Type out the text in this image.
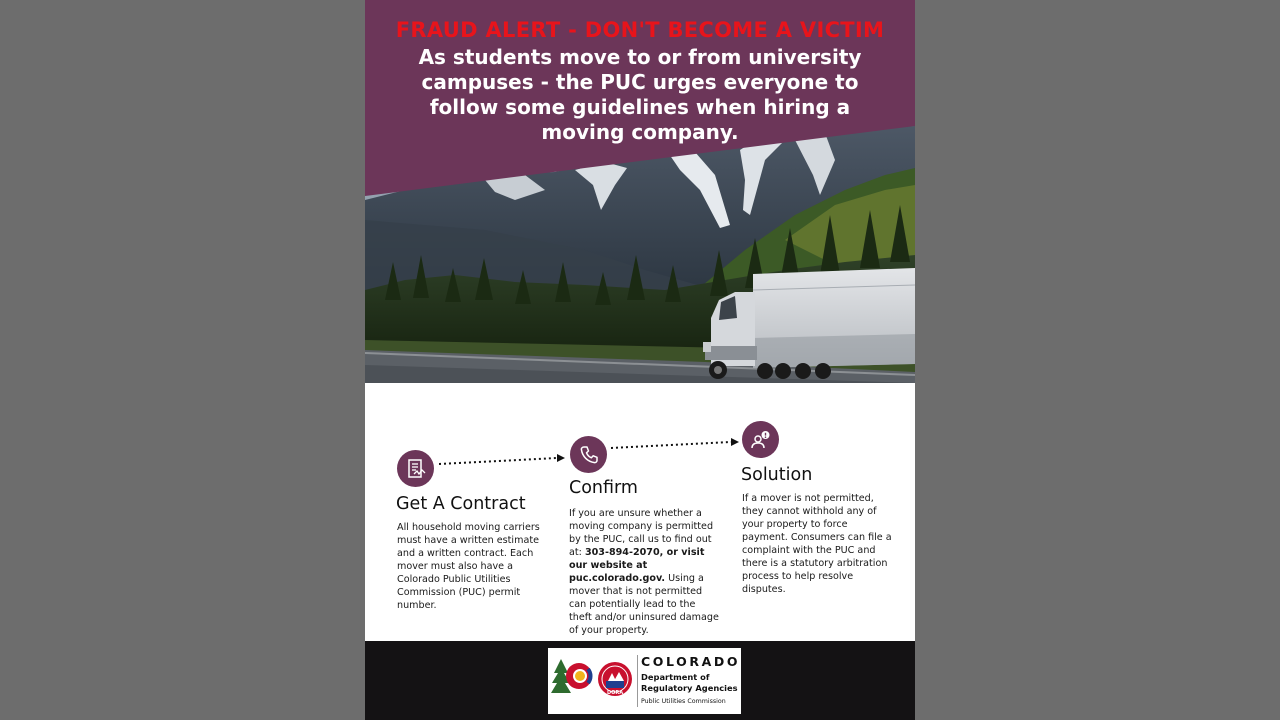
FRAUD ALERT - DON'T BECOME A VICTIM
As students move to or from university campuses - the PUC urges everyone to follow some guidelines when hiring a moving company.
Get A Contract
All household moving carriers must have a written estimate and a written contract. Each mover must also have a Colorado Public Utilities Commission (PUC) permit number.
Confirm
If you are unsure whether a moving company is permitted by the PUC, call us to find out at: 303-894-2070, or visit our website at puc.colorado.gov. Using a mover that is not permitted can potentially lead to the theft and/or uninsured damage of your property.
Solution
If a mover is not permitted, they cannot withhold any of your property to force payment. Consumers can file a complaint with the PUC and there is a statutory arbitration process to help resolve disputes.
DORA
COLORADO
Department of Regulatory Agencies
Public Utilities Commission
